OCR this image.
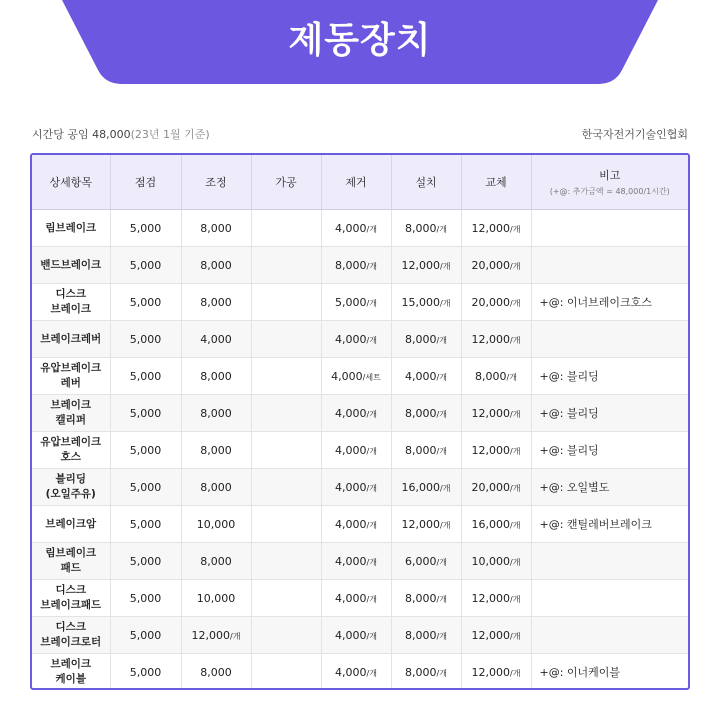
제동장치
시간당 공임 48,000(23년 1월 기준)	한국자전거기술인협회
상세항목	점검	조정	가공	제거	설치	교체	비고
(+@: 추가금액 = 48,000/1시간)

림브레이크	5,000	8,000		4,000/개	8,000/개	12,000/개	
밴드브레이크	5,000	8,000		8,000/개	12,000/개	20,000/개	
디스크
브레이크	5,000	8,000		5,000/개	15,000/개	20,000/개	+@: 이너브레이크호스
브레이크레버	5,000	4,000		4,000/개	8,000/개	12,000/개	
유압브레이크
레버	5,000	8,000		4,000/세트	4,000/개	8,000/개	+@: 블리딩
브레이크
캘리퍼	5,000	8,000		4,000/개	8,000/개	12,000/개	+@: 블리딩
유압브레이크
호스	5,000	8,000		4,000/개	8,000/개	12,000/개	+@: 블리딩
블리딩
(오일주유)	5,000	8,000		4,000/개	16,000/개	20,000/개	+@: 오일별도
브레이크암	5,000	10,000		4,000/개	12,000/개	16,000/개	+@: 캔틸레버브레이크
림브레이크
패드	5,000	8,000		4,000/개	6,000/개	10,000/개	
디스크
브레이크패드	5,000	10,000		4,000/개	8,000/개	12,000/개	
디스크
브레이크로터	5,000	12,000/개		4,000/개	8,000/개	12,000/개	
브레이크
케이블	5,000	8,000		4,000/개	8,000/개	12,000/개	+@: 이너케이블
